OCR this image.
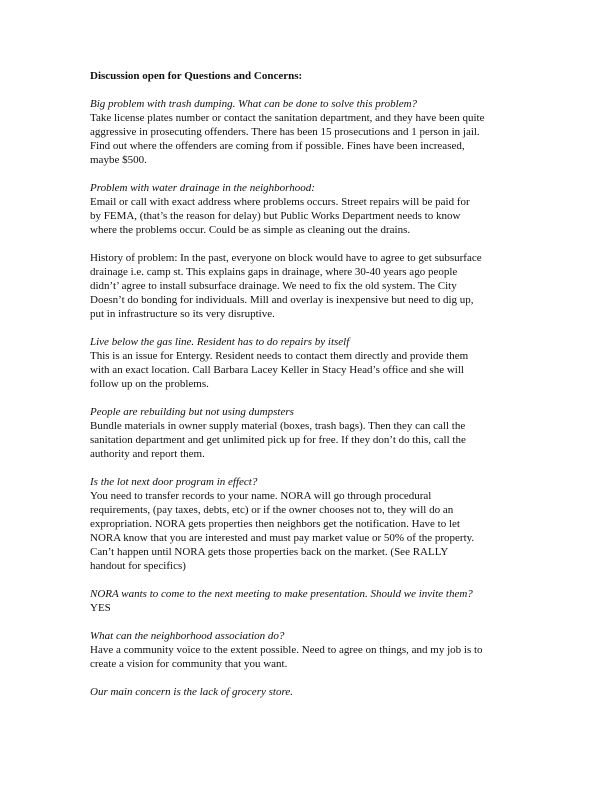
Discussion open for Questions and Concerns:
Big problem with trash dumping. What can be done to solve this problem?
Take license plates number or contact the sanitation department, and they have been quite
aggressive in prosecuting offenders. There has been 15 prosecutions and 1 person in jail.
Find out where the offenders are coming from if possible. Fines have been increased,
maybe $500.
Problem with water drainage in the neighborhood:
Email or call with exact address where problems occurs. Street repairs will be paid for
by FEMA, (that’s the reason for delay) but Public Works Department needs to know
where the problems occur. Could be as simple as cleaning out the drains.
History of problem: In the past, everyone on block would have to agree to get subsurface
drainage i.e. camp st. This explains gaps in drainage, where 30-40 years ago people
didn’t’ agree to install subsurface drainage. We need to fix the old system. The City
Doesn’t do bonding for individuals. Mill and overlay is inexpensive but need to dig up,
put in infrastructure so its very disruptive.
Live below the gas line. Resident has to do repairs by itself
This is an issue for Entergy. Resident needs to contact them directly and provide them
with an exact location. Call Barbara Lacey Keller in Stacy Head’s office and she will
follow up on the problems.
People are rebuilding but not using dumpsters
Bundle materials in owner supply material (boxes, trash bags). Then they can call the
sanitation department and get unlimited pick up for free. If they don’t do this, call the
authority and report them.
Is the lot next door program in effect?
You need to transfer records to your name. NORA will go through procedural
requirements, (pay taxes, debts, etc) or if the owner chooses not to, they will do an
expropriation. NORA gets properties then neighbors get the notification. Have to let
NORA know that you are interested and must pay market value or 50% of the property.
Can’t happen until NORA gets those properties back on the market. (See RALLY
handout for specifics)
NORA wants to come to the next meeting to make presentation. Should we invite them?
YES
What can the neighborhood association do?
Have a community voice to the extent possible. Need to agree on things, and my job is to
create a vision for community that you want.
Our main concern is the lack of grocery store.
